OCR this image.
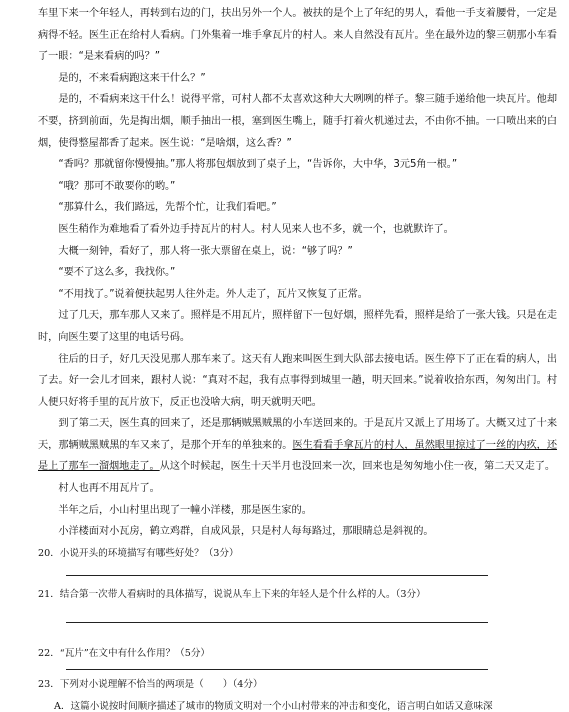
车里下来一个年轻人，再转到右边的门，扶出另外一个人。被扶的是个上了年纪的男人，看他一手支着腰骨，一定是病得不轻。医生正在给村人看病。门外集着一堆手拿瓦片的村人。来人自然没有瓦片。坐在最外边的黎三朝那小车看了一眼：“是来看病的吗？”

是的，不来看病跑这来干什么？”

是的，不看病来这干什么！说得平常，可村人都不太喜欢这种大大咧咧的样子。黎三随手递给他一块瓦片。他却不要，挤到前面，先是掏出烟，顺手抽出一根，塞到医生嘴上，随手打着火机递过去，不由你不抽。一口喷出来的白烟，使得整屋都香了起来。医生说：“是啥烟，这么香？”

“香吗？那就留你慢慢抽。”那人将那包烟放到了桌子上，“告诉你，大中华，3元5角一根。”

“哦？那可不敢要你的哟。”

“那算什么，我们路远，先帮个忙，让我们看吧。”

医生稍作为难地看了看外边手持瓦片的村人。村人见来人也不多，就一个，也就默许了。

大概一刻钟，看好了，那人将一张大票留在桌上，说：“够了吗？”

“要不了这么多，我找你。”

“不用找了。”说着便扶起男人往外走。外人走了，瓦片又恢复了正常。

过了几天，那车那人又来了。照样是不用瓦片，照样留下一包好烟，照样先看，照样是给了一张大钱。只是在走时，向医生要了这里的电话号码。

往后的日子，好几天没见那人那车来了。这天有人跑来叫医生到大队部去接电话。医生停下了正在看的病人，出了去。好一会儿才回来，跟村人说：“真对不起，我有点事得到城里一趟，明天回来。”说着收拾东西，匆匆出门。村人便只好将手里的瓦片放下，反正也没啥大病，明天就明天吧。

到了第二天，医生真的回来了，还是那辆贼黑贼黑的小车送回来的。于是瓦片又派上了用场了。大概又过了十来天，那辆贼黑贼黑的车又来了，是那个开车的单独来的。医生看看手拿瓦片的村人，虽然眼里掠过了一丝的内疚，还是上了那车一溜烟地走了。从这个时候起，医生十天半月也没回来一次，回来也是匆匆地小住一夜，第二天又走了。

村人也再不用瓦片了。

半年之后，小山村里出现了一幢小洋楼，那是医生家的。

小洋楼面对小瓦房，鹤立鸡群，自成风景，只是村人每每路过，那眼睛总是斜视的。

20．小说开头的环境描写有哪些好处？（3分）

21．结合第一次带人看病时的具体描写，说说从车上下来的年轻人是个什么样的人。（3分）

22．“瓦片”在文中有什么作用？（5分）

23．下列对小说理解不恰当的两项是（　　）（4分）

A．这篇小说按时间顺序描述了城市的物质文明对一个小山村带来的冲击和变化，语言明白如话又意味深
